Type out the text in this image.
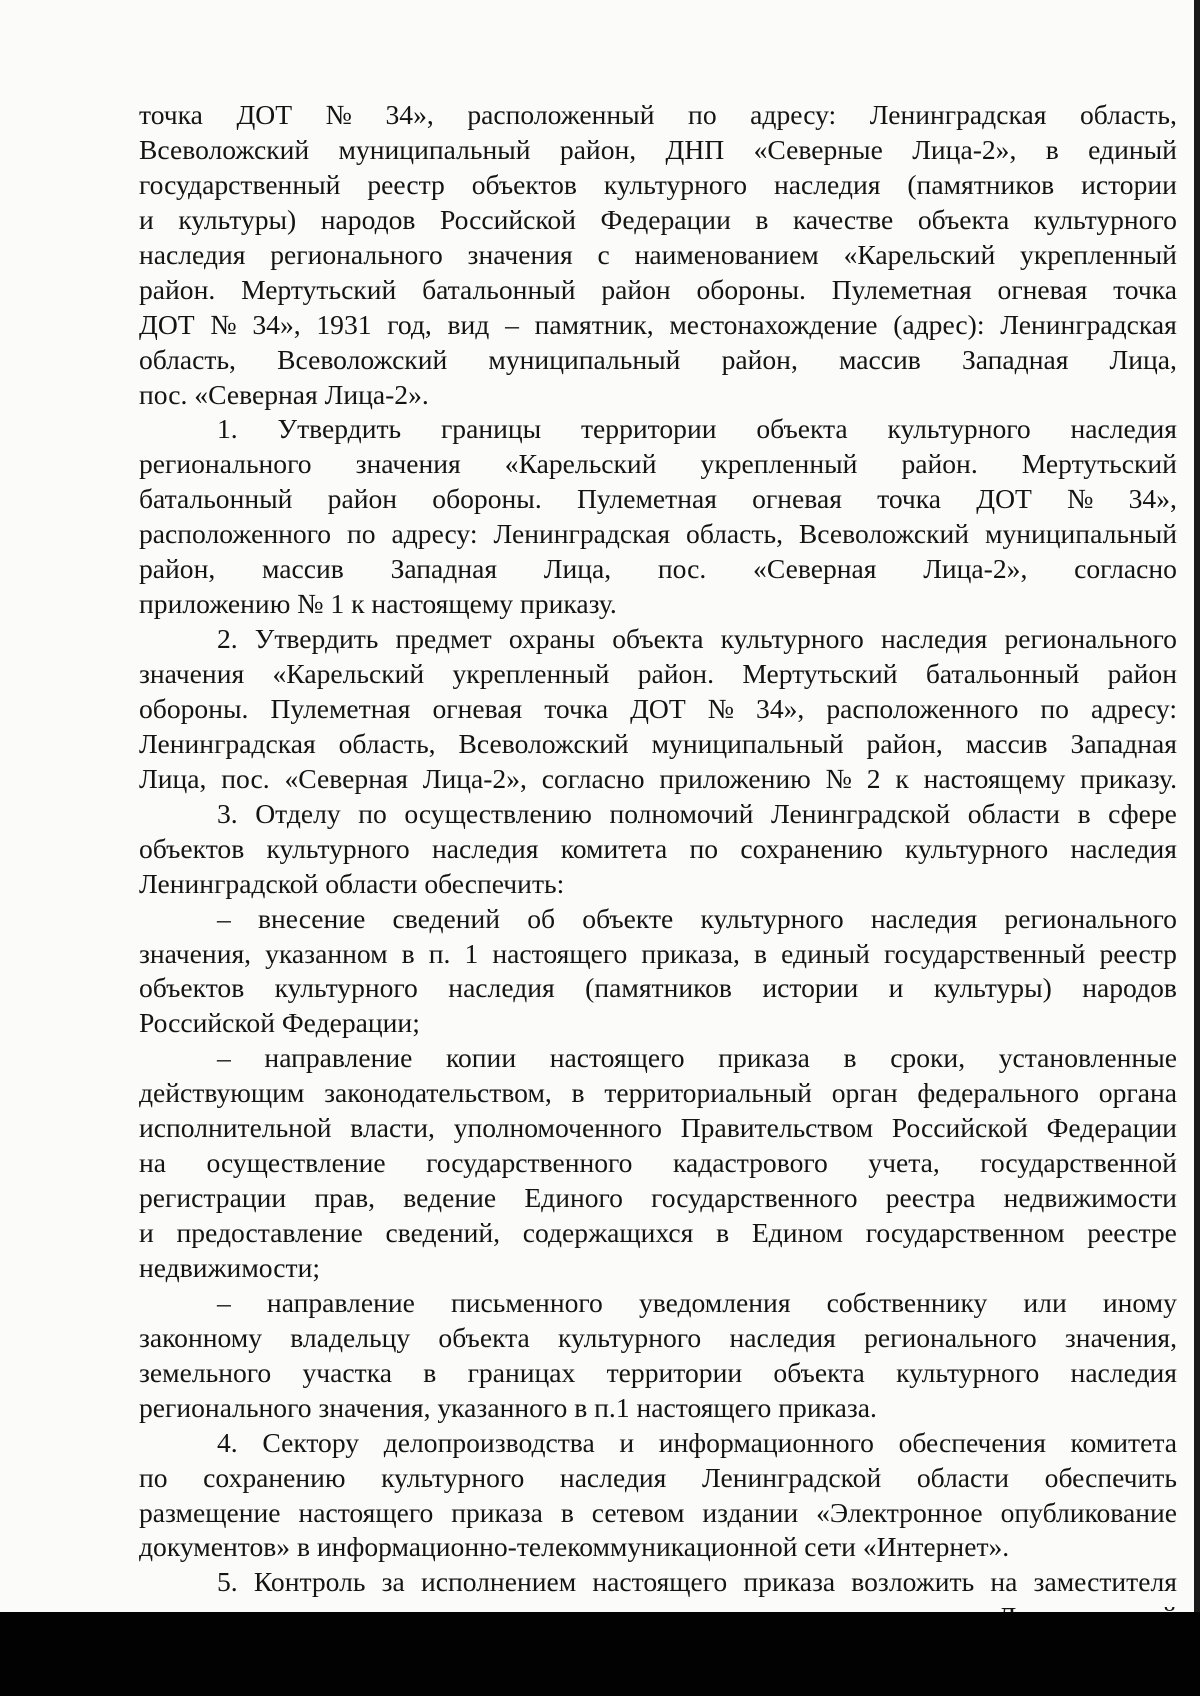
точка ДОТ № 34», расположенный по адресу: Ленинградская область,
Всеволожский муниципальный район, ДНП «Северные Лица-2», в единый
государственный реестр объектов культурного наследия (памятников истории
и культуры) народов Российской Федерации в качестве объекта культурного
наследия регионального значения с наименованием «Карельский укрепленный
район. Мертутьский батальонный район обороны. Пулеметная огневая точка
ДОТ № 34», 1931 год, вид – памятник, местонахождение (адрес): Ленинградская
область, Всеволожский муниципальный район, массив Западная Лица,
пос. «Северная Лица-2».
1. Утвердить границы территории объекта культурного наследия
регионального значения «Карельский укрепленный район. Мертутьский
батальонный район обороны. Пулеметная огневая точка ДОТ № 34»,
расположенного по адресу: Ленинградская область, Всеволожский муниципальный
район, массив Западная Лица, пос. «Северная Лица-2», согласно
приложению № 1 к настоящему приказу.
2. Утвердить предмет охраны объекта культурного наследия регионального
значения «Карельский укрепленный район. Мертутьский батальонный район
обороны. Пулеметная огневая точка ДОТ № 34», расположенного по адресу:
Ленинградская область, Всеволожский муниципальный район, массив Западная
Лица, пос. «Северная Лица-2», согласно приложению № 2 к настоящему приказу.
3. Отделу по осуществлению полномочий Ленинградской области в сфере
объектов культурного наследия комитета по сохранению культурного наследия
Ленинградской области обеспечить:
– внесение сведений об объекте культурного наследия регионального
значения, указанном в п. 1 настоящего приказа, в единый государственный реестр
объектов культурного наследия (памятников истории и культуры) народов
Российской Федерации;
– направление копии настоящего приказа в сроки, установленные
действующим законодательством, в территориальный орган федерального органа
исполнительной власти, уполномоченного Правительством Российской Федерации
на осуществление государственного кадастрового учета, государственной
регистрации прав, ведение Единого государственного реестра недвижимости
и предоставление сведений, содержащихся в Едином государственном реестре
недвижимости;
– направление письменного уведомления собственнику или иному
законному владельцу объекта культурного наследия регионального значения,
земельного участка в границах территории объекта культурного наследия
регионального значения, указанного в п.1 настоящего приказа.
4. Сектору делопроизводства и информационного обеспечения комитета
по сохранению культурного наследия Ленинградской области обеспечить
размещение настоящего приказа в сетевом издании «Электронное опубликование
документов» в информационно-телекоммуникационной сети «Интернет».
5. Контроль за исполнением настоящего приказа возложить на заместителя
